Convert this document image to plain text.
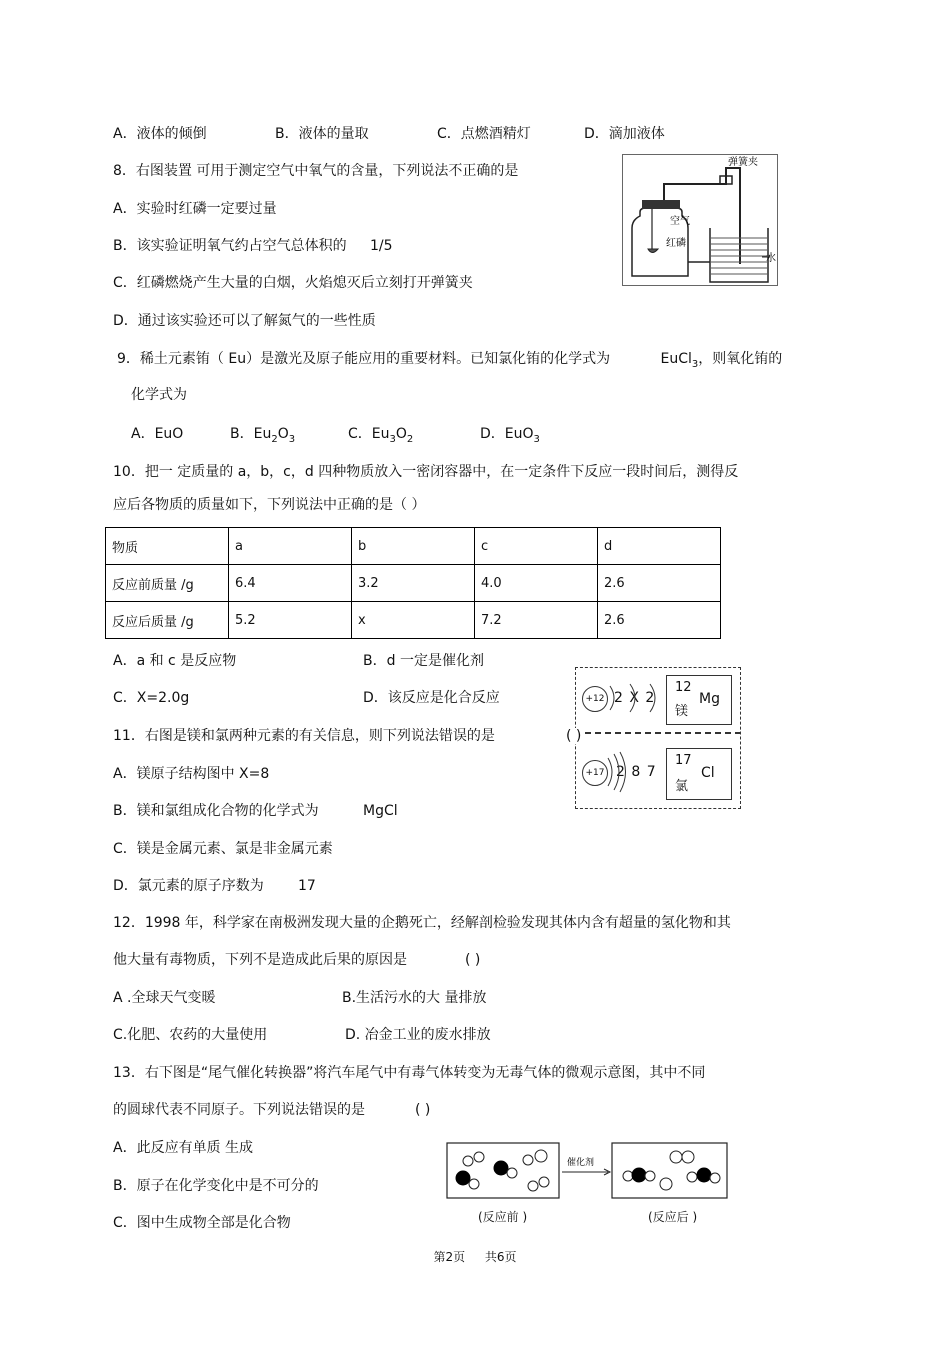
A．液体的倾倒	B．液体的量取	C．点燃酒精灯	D．滴加液体
8．右图装置 可用于测定空气中氧气的含量，下列说法不正确的是
A．实验时红磷一定要过量
B．该实验证明氧气约占空气总体积的 1/5
C．红磷燃烧产生大量的白烟，火焰熄灭后立刻打开弹簧夹
D．通过该实验还可以了解氮气的一些性质
弹簧夹
空气
红磷
水
9．稀土元素铕（ Eu）是激光及原子能应用的重要材料。已知氯化铕的化学式为	EuCl$_3$，则氧化铕的
化学式为
A．EuO	B．$Eu_2O_3$	C．$Eu_3O_2$	D．EuO$_3$
10．把一 定质量的 a，b，c，d 四种物质放入一密闭容器中，在一定条件下反应一段时间后，测得反
应后各物质的质量如下，下列说法中正确的是（ ）
物质	a	b	c	d
反应前质量 /g	6.4	3.2	4.0	2.6
反应后质量 /g	5.2	x	7.2	2.6
A．a 和 c 是反应物	B．d 一定是催化剂
C．X=2.0g	D．该反应是化合反应
11．右图是镁和氯两种元素的有关信息，则下列说法错误的是
A．镁原子结构图中 X=8
B．镁和氯组成化合物的化学式为	MgCl
C．镁是金属元素、氯是非金属元素
D．氯元素的原子序数为 17
( )
+12 2 X 2
12
镁
Mg
+17 2 8 7
17
氯
Cl
12．1998 年，科学家在南极洲发现大量的企鹅死亡，经解剖检验发现其体内含有超量的氢化物和其
他大量有毒物质，下列不是造成此后果的原因是	( )
A .全球天气变暖	B.生活污水的大 量排放
C.化肥、农药的大量使用	D. 冶金工业的废水排放
13．右下图是“尾气催化转换器”将汽车尾气中有毒气体转变为无毒气体的微观示意图，其中不同
的圆球代表不同原子。下列说法错误的是	( )
A．此反应有单质 生成
B．原子在化学变化中是不可分的
C．图中生成物全部是化合物
催化剂
(反应前 )	(反应后 )
第2页 共6页
